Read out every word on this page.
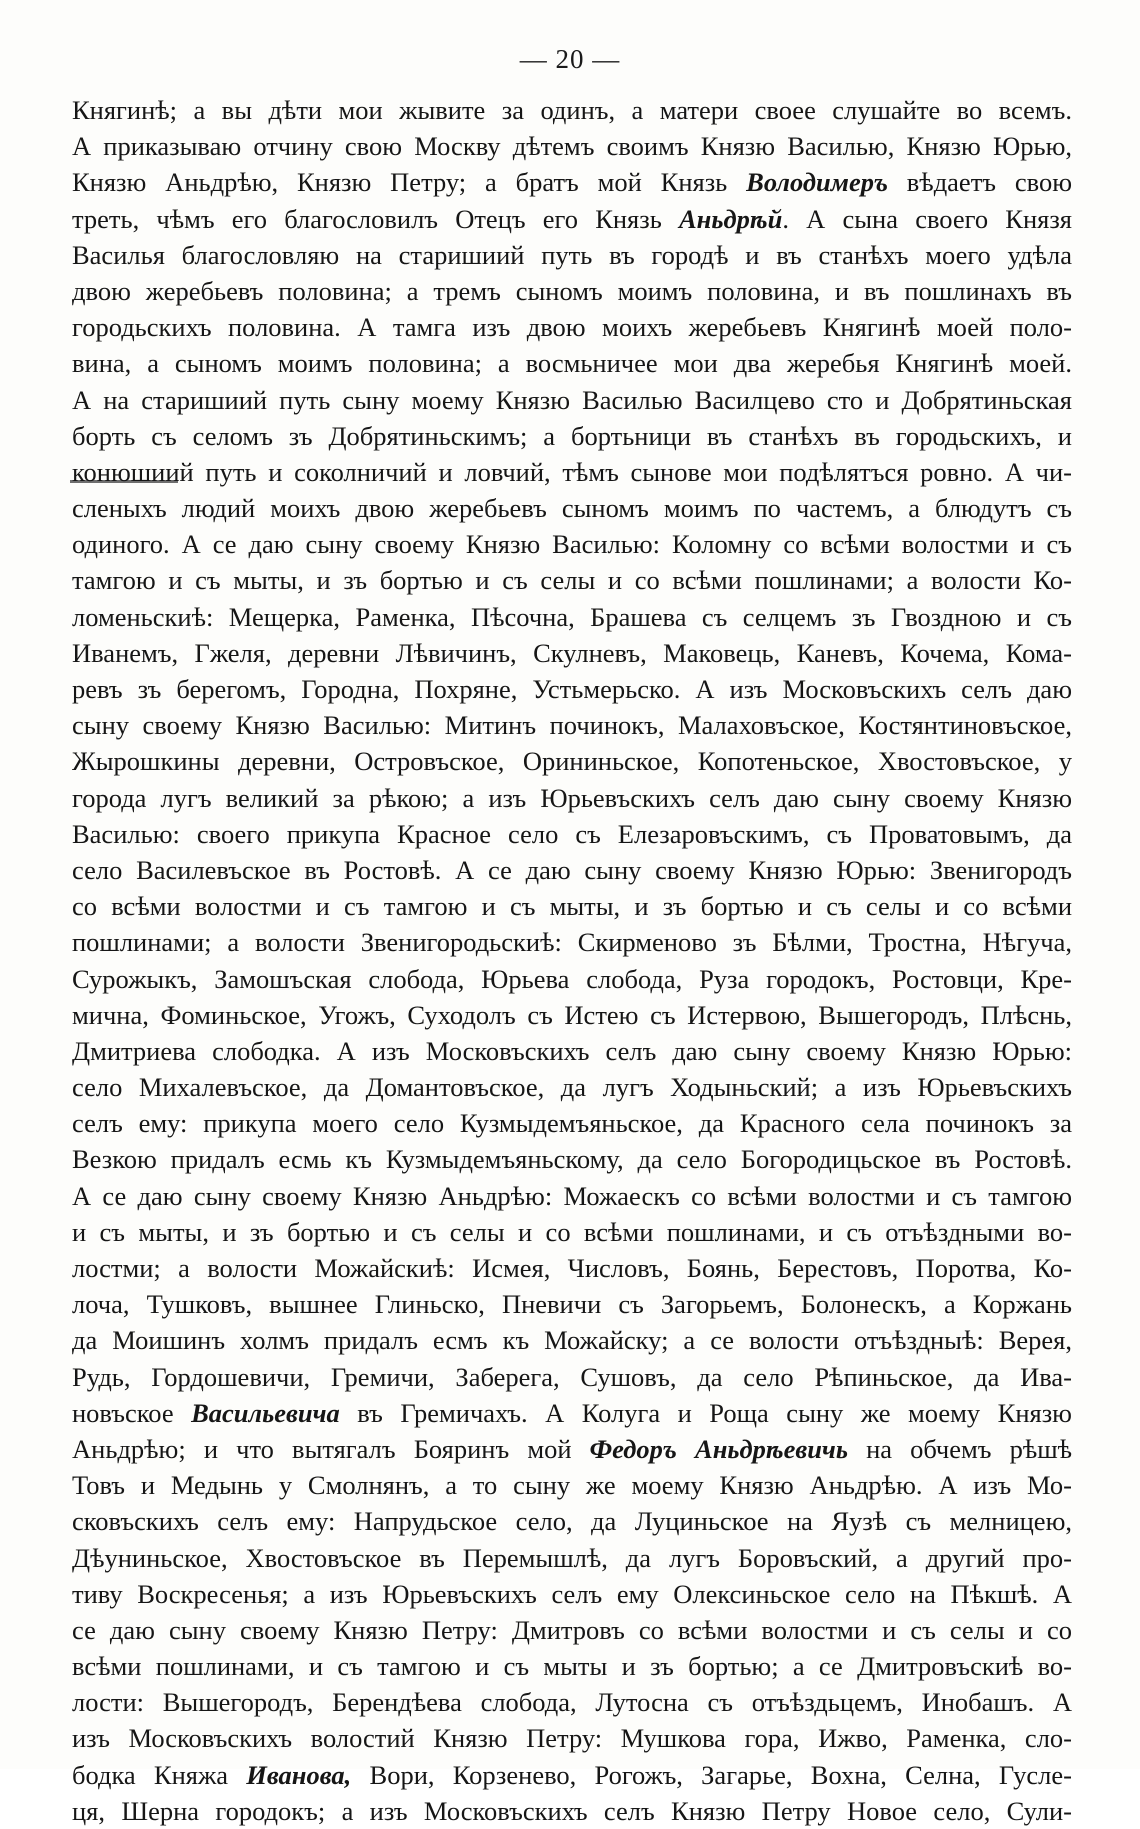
— 20 —
Княгинѣ; а вы дѣти мои жывите за одинъ, а матери своее слушайте во всемъ.
А приказываю отчину свою Москву дѣтемъ своимъ Князю Василью, Князю Юрью,
Князю Аньдрѣю, Князю Петру; а братъ мой Князь Володимеръ вѣдаетъ свою
треть, чѣмъ его благословилъ Отецъ его Князь Аньдрѣй. А сына своего Князя
Василья благословляю на старишиий путь въ городѣ и въ станѣхъ моего удѣла
двою жеребьевъ половина; а тремъ сыномъ моимъ половина, и въ пошлинахъ въ
городьскихъ половина. А тамга изъ двою моихъ жеребьевъ Княгинѣ моей поло-
вина, а сыномъ моимъ половина; а восмьничее мои два жеребья Княгинѣ моей.
А на старишиий путь сыну моему Князю Василью Василцево сто и Добрятиньская
борть съ селомъ зъ Добрятиньскимъ; а бортьници въ станѣхъ въ городьскихъ, и
конюшиий путь и соколничий и ловчий, тѣмъ сынове мои подѣлятъся ровно. А чи-
сленыхъ людий моихъ двою жеребьевъ сыномъ моимъ по частемъ, а блюдутъ съ
одиного. А се даю сыну своему Князю Василью: Коломну со всѣми волостми и съ
тамгою и съ мыты, и зъ бортью и съ селы и со всѣми пошлинами; а волости Ко-
ломеньскиѣ: Мещерка, Раменка, Пѣсочна, Брашева съ селцемъ зъ Гвоздною и съ
Иванемъ, Гжеля, деревни Лѣвичинъ, Скулневъ, Маковець, Каневъ, Кочема, Кома-
ревъ зъ берегомъ, Городна, Похряне, Устьмерьско. А изъ Московъскихъ селъ даю
сыну своему Князю Василью: Митинъ починокъ, Малаховъское, Костянтиновъское,
Жырошкины деревни, Островъское, Орининьское, Копотеньское, Хвостовъское, у
города лугъ великий за рѣкою; а изъ Юрьевъскихъ селъ даю сыну своему Князю
Василью: своего прикупа Красное село съ Елезаровъскимъ, съ Проватовымъ, да
село Василевъское въ Ростовѣ. А се даю сыну своему Князю Юрью: Звенигородъ
со всѣми волостми и съ тамгою и съ мыты, и зъ бортью и съ селы и со всѣми
пошлинами; а волости Звенигородьскиѣ: Скирменово зъ Бѣлми, Тростна, Нѣгуча,
Сурожыкъ, Замошъская слобода, Юрьева слобода, Руза городокъ, Ростовци, Кре-
мична, Фоминьское, Угожъ, Суходолъ съ Истею съ Истервою, Вышегородъ, Плѣснь,
Дмитриева слободка. А изъ Московъскихъ селъ даю сыну своему Князю Юрью:
село Михалевъское, да Домантовъское, да лугъ Ходыньский; а изъ Юрьевъскихъ
селъ ему: прикупа моего село Кузмыдемъяньское, да Красного села починокъ за
Везкою придалъ есмь къ Кузмыдемъяньскому, да село Богородицьское въ Ростовѣ.
А се даю сыну своему Князю Аньдрѣю: Можаескъ со всѣми волостми и съ тамгою
и съ мыты, и зъ бортью и съ селы и со всѣми пошлинами, и съ отъѣздными во-
лостми; а волости Можайскиѣ: Исмея, Числовъ, Боянь, Берестовъ, Поротва, Ко-
лоча, Тушковъ, вышнее Глиньско, Пневичи съ Загорьемъ, Болонескъ, а Коржань
да Моишинъ холмъ придалъ есмъ къ Можайску; а се волости отъѣздныѣ: Верея,
Рудь, Гордошевичи, Гремичи, Заберега, Сушовъ, да село Рѣпиньское, да Ива-
новъское Васильевича въ Гремичахъ. А Колуга и Роща сыну же моему Князю
Аньдрѣю; и что вытягалъ Бояринъ мой Федоръ Аньдрѣевичь на обчемъ рѣшѣ
Товъ и Медынь у Смолнянъ, а то сыну же моему Князю Аньдрѣю. А изъ Мо-
сковъскихъ селъ ему: Напрудьское село, да Луциньское на Яузѣ съ мелницею,
Дѣуниньское, Хвостовъское въ Перемышлѣ, да лугъ Боровъский, а другий про-
тиву Воскресенья; а изъ Юрьевъскихъ селъ ему Олексиньское село на Пѣкшѣ. А
се даю сыну своему Князю Петру: Дмитровъ со всѣми волостми и съ селы и со
всѣми пошлинами, и съ тамгою и съ мыты и зъ бортью; а се Дмитровъскиѣ во-
лости: Вышегородъ, Берендѣева слобода, Лутосна съ отъѣздьцемъ, Инобашъ. А
изъ Московъскихъ волостий Князю Петру: Мушкова гора, Ижво, Раменка, сло-
бодка Княжа Иванова, Вори, Корзенево, Рогожъ, Загарье, Вохна, Селна, Гусле-
ця, Шерна городокъ; а изъ Московъскихъ селъ Князю Петру Новое село, Сули-
